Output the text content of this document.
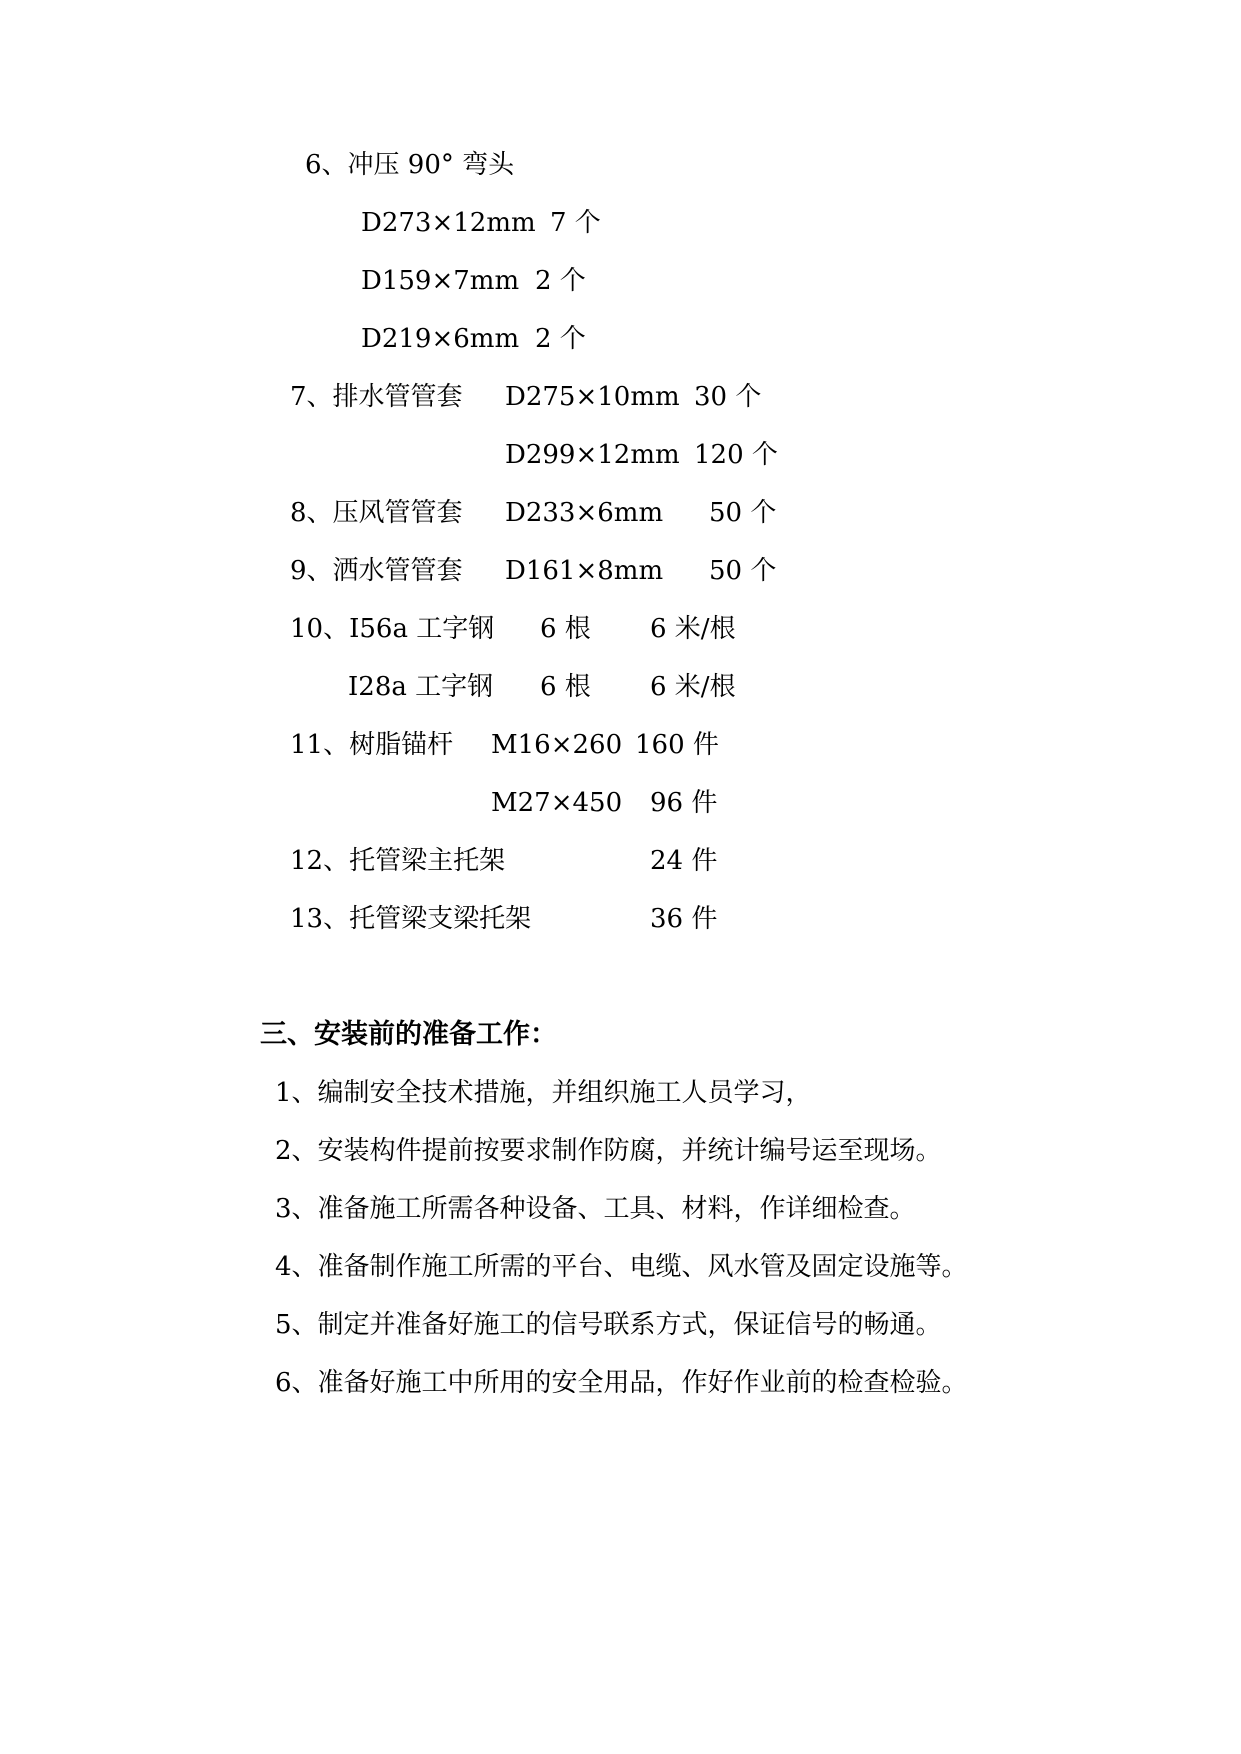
6、冲压 90° 弯头
D273×12mm 7 个
D159×7mm 2 个
D219×6mm 2 个
7、排水管管套 D275×10mm 30 个
D299×12mm 120 个
8、压风管管套 D233×6mm 50 个
9、洒水管管套 D161×8mm 50 个
10、I56a 工字钢 6 根 6 米/根
I28a 工字钢 6 根 6 米/根
11、树脂锚杆 M16×260 160 件
M27×450 96 件
12、托管梁主托架	24 件
13、托管梁支梁托架	36 件
三、安装前的准备工作：
1、编制安全技术措施，并组织施工人员学习，
2、安装构件提前按要求制作防腐，并统计编号运至现场。
3、准备施工所需各种设备、工具、材料，作详细检查。
4、准备制作施工所需的平台、电缆、风水管及固定设施等。
5、制定并准备好施工的信号联系方式，保证信号的畅通。
6、准备好施工中所用的安全用品，作好作业前的检查检验。
